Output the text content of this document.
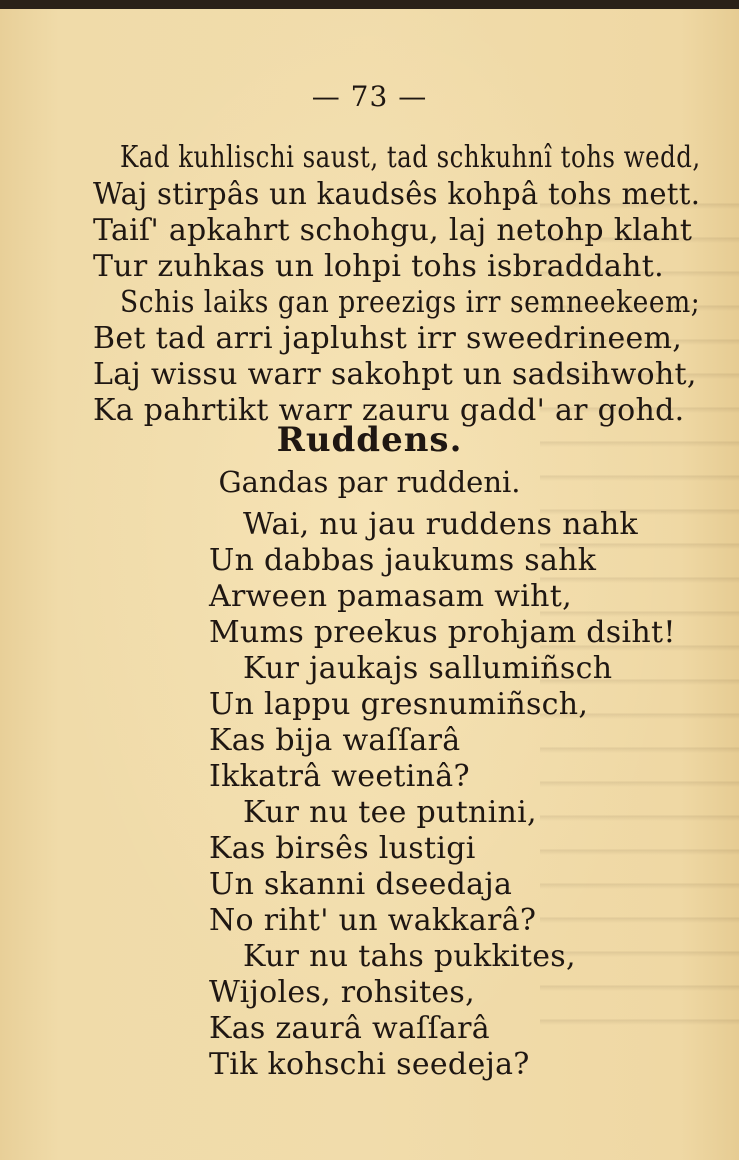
— 73 —
Kad kuhlischi saust, tad schkuhnî tohs wedd,
Waj stirpâs un kaudsês kohpâ tohs mett.
Taiſ' apkahrt schohgu, laj netohp klaht
Tur zuhkas un lohpi tohs isbraddaht.
Schis laiks gan preezigs irr semneekeem;
Bet tad arri japluhst irr sweedrineem,
Laj wissu warr sakohpt un sadsihwoht,
Ka pahrtikt warr zauru gadd' ar gohd.
Ruddens.
Gandas par ruddeni.
Wai, nu jau ruddens nahk
Un dabbas jaukums sahk
Arween pamasam wiht,
Mums preekus prohjam dsiht!
Kur jaukajs sallumiñsch
Un lappu gresnumiñsch,
Kas bija waſſarâ
Ikkatrâ weetinâ?
Kur nu tee putnini,
Kas birsês lustigi
Un skanni dseedaja
No riht' un wakkarâ?
Kur nu tahs pukkites,
Wijoles, rohsites,
Kas zaurâ waſſarâ
Tik kohschi seedeja?
